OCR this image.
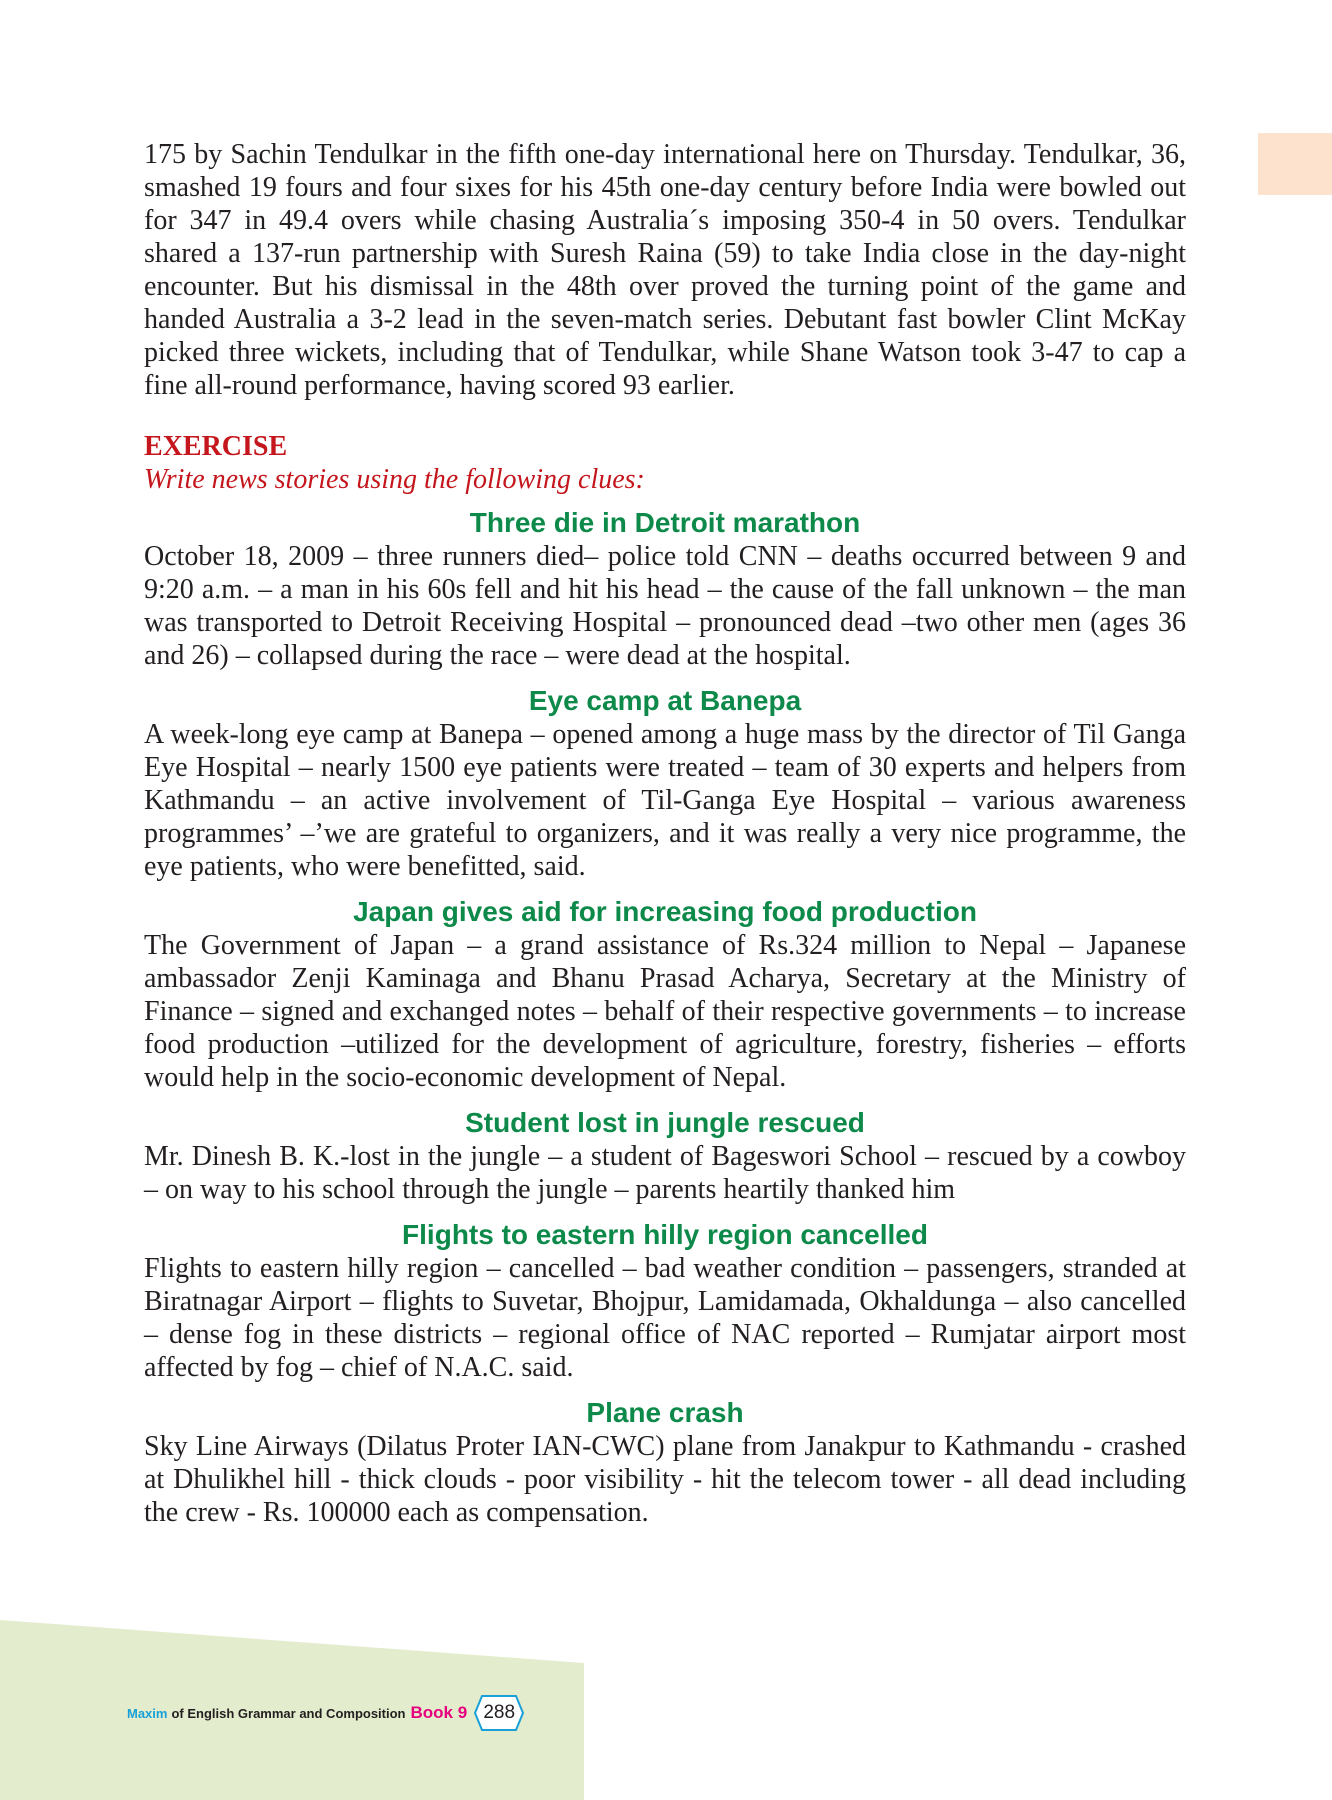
175 by Sachin Tendulkar in the fifth one-day international here on Thursday. Tendulkar, 36, smashed 19 fours and four sixes for his 45th one-day century before India were bowled out for 347 in 49.4 overs while chasing Australia´s imposing 350-4 in 50 overs. Tendulkar shared a 137-run partnership with Suresh Raina (59) to take India close in the day-night encounter. But his dismissal in the 48th over proved the turning point of the game and handed Australia a 3-2 lead in the seven-match series. Debutant fast bowler Clint McKay picked three wickets, including that of Tendulkar, while Shane Watson took 3-47 to cap a fine all-round performance, having scored 93 earlier.

EXERCISE

Write news stories using the following clues:

Three die in Detroit marathon

October 18, 2009 – three runners died– police told CNN – deaths occurred between 9 and 9:20 a.m. – a man in his 60s fell and hit his head – the cause of the fall unknown – the man was transported to Detroit Receiving Hospital – pronounced dead –two other men (ages 36 and 26) – collapsed during the race – were dead at the hospital.

Eye camp at Banepa

A week-long eye camp at Banepa – opened among a huge mass by the director of Til Ganga Eye Hospital – nearly 1500 eye patients were treated – team of 30 experts and helpers from Kathmandu – an active involvement of Til-Ganga Eye Hospital – various awareness programmes’ –’we are grateful to organizers, and it was really a very nice programme, the eye patients, who were benefitted, said.

Japan gives aid for increasing food production

The Government of Japan – a grand assistance of Rs.324 million to Nepal – Japanese ambassador Zenji Kaminaga and Bhanu Prasad Acharya, Secretary at the Ministry of Finance – signed and exchanged notes – behalf of their respective governments – to increase food production –utilized for the development of agriculture, forestry, fisheries – efforts would help in the socio-economic development of Nepal.

Student lost in jungle rescued

Mr. Dinesh B. K.-lost in the jungle – a student of Bageswori School – rescued by a cowboy – on way to his school through the jungle – parents heartily thanked him

Flights to eastern hilly region cancelled

Flights to eastern hilly region – cancelled – bad weather condition – passengers, stranded at Biratnagar Airport – flights to Suvetar, Bhojpur, Lamidamada, Okhaldunga – also cancelled – dense fog in these districts – regional office of NAC reported – Rumjatar airport most affected by fog – chief of N.A.C. said.

Plane crash

Sky Line Airways (Dilatus Proter IAN-CWC) plane from Janakpur to Kathmandu - crashed at Dhulikhel hill - thick clouds - poor visibility - hit the telecom tower - all dead including the crew - Rs. 100000 each as compensation.

Maxim of English Grammar and Composition Book 9 288
